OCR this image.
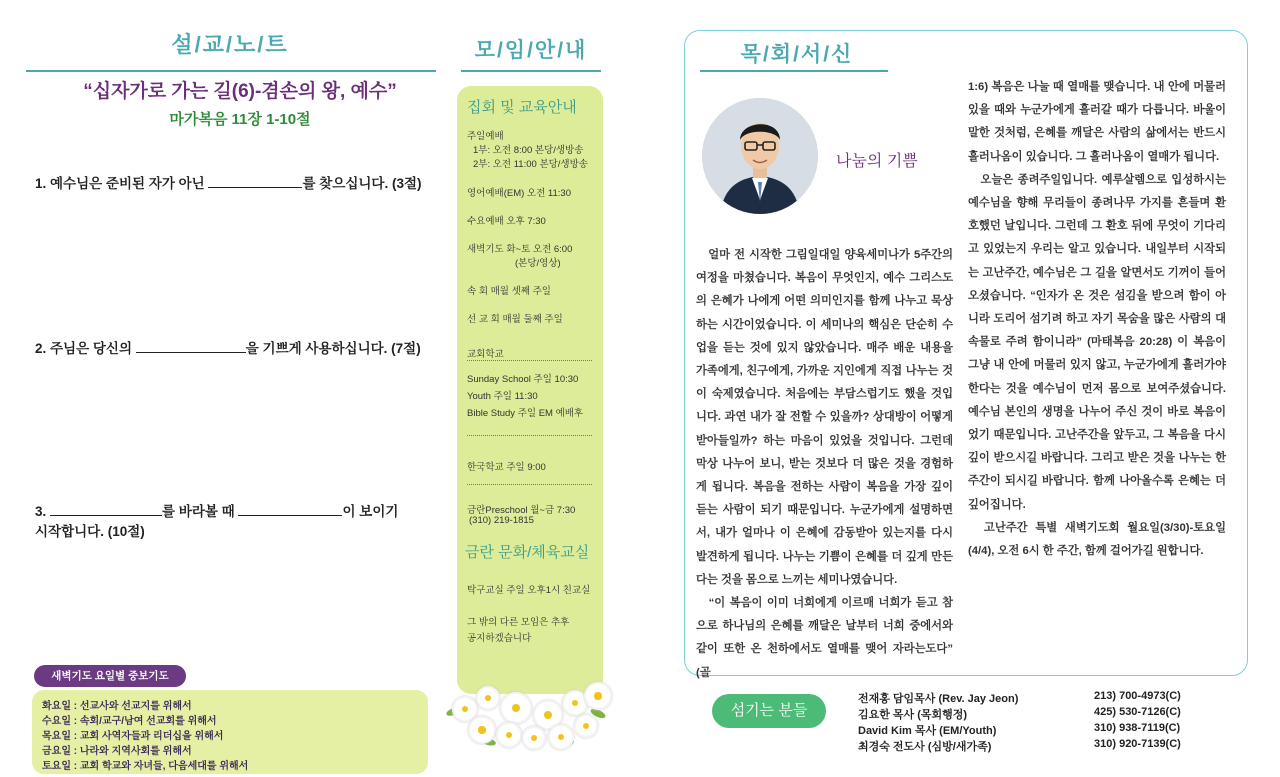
설/교/노/트
“십자가로 가는 길(6)-겸손의 왕, 예수”
마가복음 11장 1-10절
1. 예수님은 준비된 자가 아닌	를 찾으십니다. (3절)
2. 주님은 당신의	을 기쁘게 사용하십니다. (7절)
3.	를 바라볼 때	이 보이기
시작합니다. (10절)
새벽기도 요일별 중보기도
화요일 : 선교사와 선교지를 위해서
수요일 : 속회/교구/남여 선교회를 위해서
목요일 : 교회 사역자들과 리더십을 위해서
금요일 : 나라와 지역사회를 위해서
토요일 : 교회 학교와 자녀들, 다음세대를 위해서
모/임/안/내
집회 및 교육안내
주일예배
1부: 오전 8:00 본당/생방송
2부: 오전 11:00 본당/생방송
영어예배(EM) 오전 11:30
수요예배 오후 7:30
새벽기도 화~토 오전 6:00
(본당/영상)
속 회 매월 셋째 주일
선 교 회 매월 둘째 주일
교회학교
Sunday School 주일 10:30
Youth 주일 11:30
Bible Study 주일 EM 예배후
한국학교 주일 9:00
금란Preschool 월~금 7:30
(310) 219-1815
금란 문화/체육교실
탁구교실 주일 오후1시 친교실
그 밖의 다른 모임은 추후
공지하겠습니다
목/회/서/신
나눔의 기쁨
　얼마 전 시작한 그림일대일 양육세미나가 5주간의 여정을 마쳤습니다. 복음이 무엇인지, 예수 그리스도의 은혜가 나에게 어떤 의미인지를 함께 나누고 묵상하는 시간이었습니다. 이 세미나의 핵심은 단순히 수업을 듣는 것에 있지 않았습니다. 매주 배운 내용을 가족에게, 친구에게, 가까운 지인에게 직접 나누는 것이 숙제였습니다. 처음에는 부담스럽기도 했을 것입니다. 과연 내가 잘 전할 수 있을까? 상대방이 어떻게 받아들일까? 하는 마음이 있었을 것입니다. 그런데 막상 나누어 보니, 받는 것보다 더 많은 것을 경험하게 됩니다. 복음을 전하는 사람이 복음을 가장 깊이 듣는 사람이 되기 때문입니다. 누군가에게 설명하면서, 내가 얼마나 이 은혜에 감동받아 있는지를 다시 발견하게 됩니다. 나누는 기쁨이 은혜를 더 깊게 만든다는 것을 몸으로 느끼는 세미나였습니다.
　“이 복음이 이미 너희에게 이르매 너희가 듣고 참으로 하나님의 은혜를 깨달은 날부터 너희 중에서와 같이 또한 온 천하에서도 열매를 맺어 자라는도다” (골
1:6) 복음은 나눌 때 열매를 맺습니다. 내 안에 머물러 있을 때와 누군가에게 흘러갈 때가 다릅니다. 바울이 말한 것처럼, 은혜를 깨달은 사람의 삶에서는 반드시 흘러나옴이 있습니다. 그 흘러나옴이 열매가 됩니다.
　오늘은 종려주일입니다. 예루살렘으로 입성하시는 예수님을 향해 무리들이 종려나무 가지를 흔들며 환호했던 날입니다. 그런데 그 환호 뒤에 무엇이 기다리고 있었는지 우리는 알고 있습니다. 내일부터 시작되는 고난주간, 예수님은 그 길을 알면서도 기꺼이 들어오셨습니다. “인자가 온 것은 섬김을 받으려 함이 아니라 도리어 섬기려 하고 자기 목숨을 많은 사람의 대속물로 주려 함이니라” (마태복음 20:28) 이 복음이 그냥 내 안에 머물러 있지 않고, 누군가에게 흘러가야 한다는 것을 예수님이 먼저 몸으로 보여주셨습니다. 예수님 본인의 생명을 나누어 주신 것이 바로 복음이었기 때문입니다. 고난주간을 앞두고, 그 복음을 다시 깊이 받으시길 바랍니다. 그리고 받은 것을 나누는 한 주간이 되시길 바랍니다. 함께 나아올수록 은혜는 더 깊어집니다.
　고난주간 특별 새벽기도회 월요일(3/30)-토요일(4/4), 오전 6시 한 주간, 함께 걸어가길 원합니다.
섬기는 분들
전재홍 담임목사 (Rev. Jay Jeon)	213) 700-4973(C)
김요한 목사 (목회행정)	425) 530-7126(C)
David Kim 목사 (EM/Youth)	310) 938-7119(C)
최경숙 전도사 (심방/새가족)	310) 920-7139(C)
